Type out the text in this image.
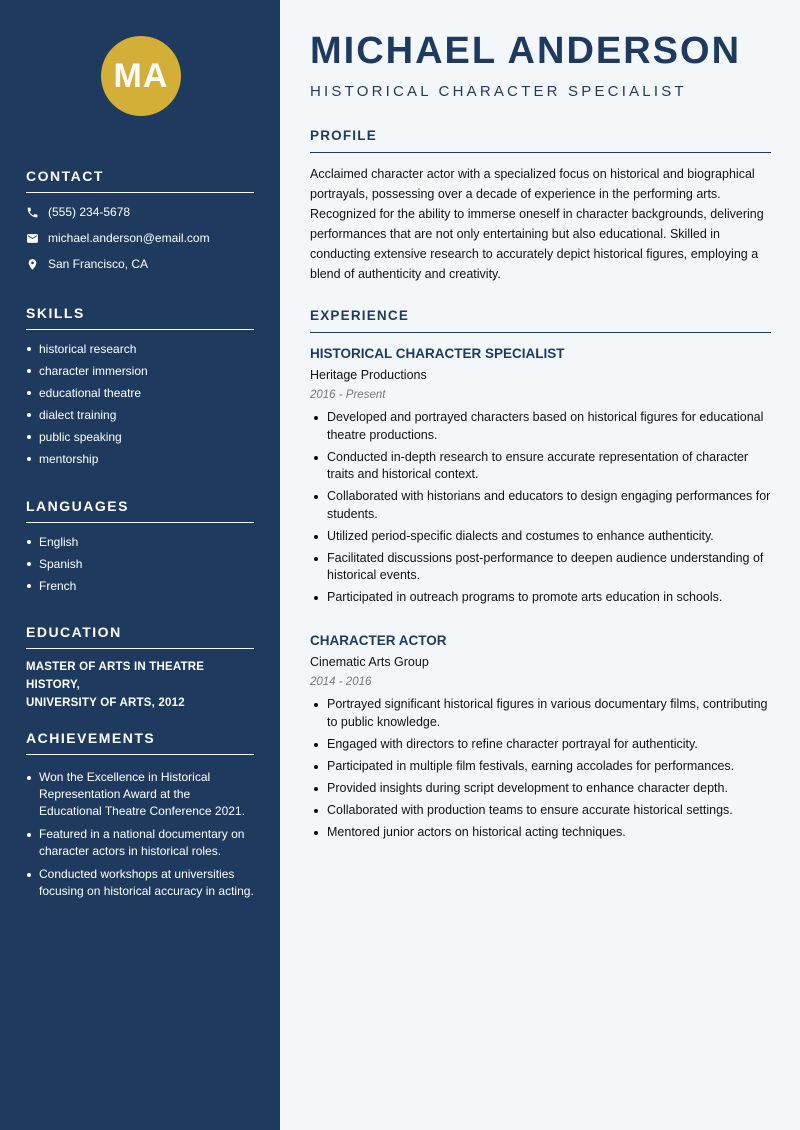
MA
CONTACT
(555) 234-5678
michael.anderson@email.com
San Francisco, CA
SKILLS
historical research
character immersion
educational theatre
dialect training
public speaking
mentorship
LANGUAGES
English
Spanish
French
EDUCATION
MASTER OF ARTS IN THEATRE HISTORY,
UNIVERSITY OF ARTS, 2012
ACHIEVEMENTS
Won the Excellence in Historical Representation Award at the Educational Theatre Conference 2021.
Featured in a national documentary on character actors in historical roles.
Conducted workshops at universities focusing on historical accuracy in acting.
MICHAEL ANDERSON
HISTORICAL CHARACTER SPECIALIST
PROFILE
Acclaimed character actor with a specialized focus on historical and biographical portrayals, possessing over a decade of experience in the performing arts. Recognized for the ability to immerse oneself in character backgrounds, delivering performances that are not only entertaining but also educational. Skilled in conducting extensive research to accurately depict historical figures, employing a blend of authenticity and creativity.
EXPERIENCE
HISTORICAL CHARACTER SPECIALIST
Heritage Productions
2016 - Present
Developed and portrayed characters based on historical figures for educational theatre productions.
Conducted in-depth research to ensure accurate representation of character traits and historical context.
Collaborated with historians and educators to design engaging performances for students.
Utilized period-specific dialects and costumes to enhance authenticity.
Facilitated discussions post-performance to deepen audience understanding of historical events.
Participated in outreach programs to promote arts education in schools.
CHARACTER ACTOR
Cinematic Arts Group
2014 - 2016
Portrayed significant historical figures in various documentary films, contributing to public knowledge.
Engaged with directors to refine character portrayal for authenticity.
Participated in multiple film festivals, earning accolades for performances.
Provided insights during script development to enhance character depth.
Collaborated with production teams to ensure accurate historical settings.
Mentored junior actors on historical acting techniques.
